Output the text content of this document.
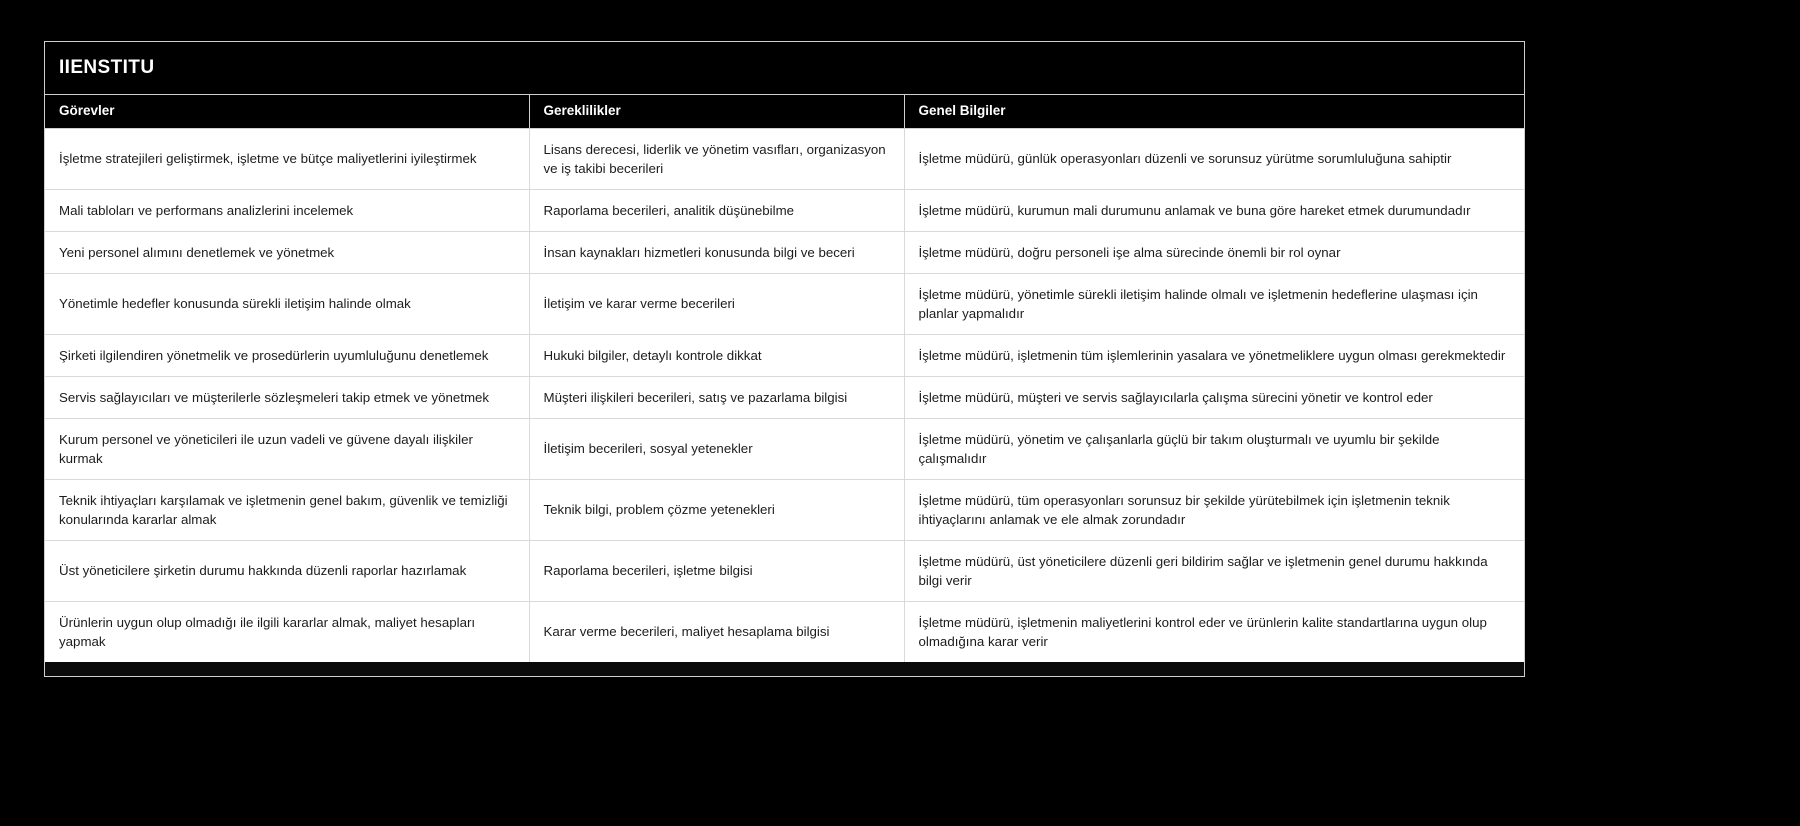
IIENSTITU
Görevler	Gereklilikler	Genel Bilgiler
İşletme stratejileri geliştirmek, işletme ve bütçe maliyetlerini iyileştirmek	Lisans derecesi, liderlik ve yönetim vasıfları, organizasyon ve iş takibi becerileri	İşletme müdürü, günlük operasyonları düzenli ve sorunsuz yürütme sorumluluğuna sahiptir
Mali tabloları ve performans analizlerini incelemek	Raporlama becerileri, analitik düşünebilme	İşletme müdürü, kurumun mali durumunu anlamak ve buna göre hareket etmek durumundadır
Yeni personel alımını denetlemek ve yönetmek	İnsan kaynakları hizmetleri konusunda bilgi ve beceri	İşletme müdürü, doğru personeli işe alma sürecinde önemli bir rol oynar
Yönetimle hedefler konusunda sürekli iletişim halinde olmak	İletişim ve karar verme becerileri	İşletme müdürü, yönetimle sürekli iletişim halinde olmalı ve işletmenin hedeflerine ulaşması için planlar yapmalıdır
Şirketi ilgilendiren yönetmelik ve prosedürlerin uyumluluğunu denetlemek	Hukuki bilgiler, detaylı kontrole dikkat	İşletme müdürü, işletmenin tüm işlemlerinin yasalara ve yönetmeliklere uygun olması gerekmektedir
Servis sağlayıcıları ve müşterilerle sözleşmeleri takip etmek ve yönetmek	Müşteri ilişkileri becerileri, satış ve pazarlama bilgisi	İşletme müdürü, müşteri ve servis sağlayıcılarla çalışma sürecini yönetir ve kontrol eder
Kurum personel ve yöneticileri ile uzun vadeli ve güvene dayalı ilişkiler kurmak	İletişim becerileri, sosyal yetenekler	İşletme müdürü, yönetim ve çalışanlarla güçlü bir takım oluşturmalı ve uyumlu bir şekilde çalışmalıdır
Teknik ihtiyaçları karşılamak ve işletmenin genel bakım, güvenlik ve temizliği konularında kararlar almak	Teknik bilgi, problem çözme yetenekleri	İşletme müdürü, tüm operasyonları sorunsuz bir şekilde yürütebilmek için işletmenin teknik ihtiyaçlarını anlamak ve ele almak zorundadır
Üst yöneticilere şirketin durumu hakkında düzenli raporlar hazırlamak	Raporlama becerileri, işletme bilgisi	İşletme müdürü, üst yöneticilere düzenli geri bildirim sağlar ve işletmenin genel durumu hakkında bilgi verir
Ürünlerin uygun olup olmadığı ile ilgili kararlar almak, maliyet hesapları yapmak	Karar verme becerileri, maliyet hesaplama bilgisi	İşletme müdürü, işletmenin maliyetlerini kontrol eder ve ürünlerin kalite standartlarına uygun olup olmadığına karar verir
